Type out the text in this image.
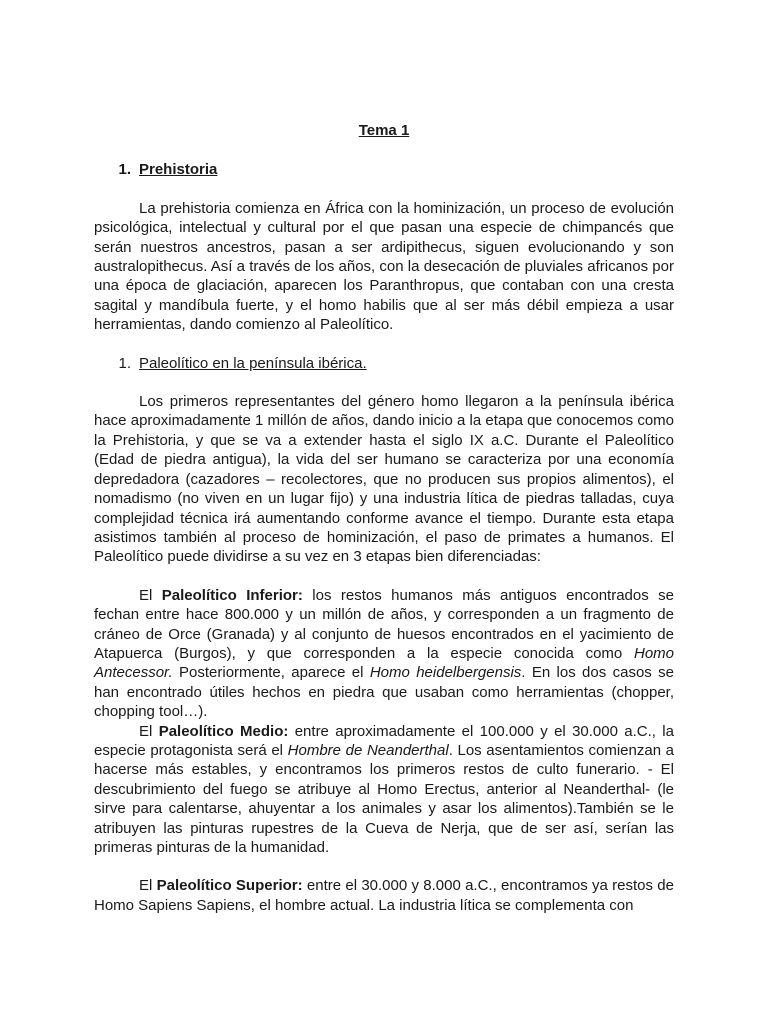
Tema 1
1. Prehistoria

La prehistoria comienza en África con la hominización, un proceso de evolución psicológica, intelectual y cultural por el que pasan una especie de chimpancés que serán nuestros ancestros, pasan a ser ardipithecus, siguen evolucionando y son australopithecus. Así a través de los años, con la desecación de pluviales africanos por una época de glaciación, aparecen los Paranthropus, que contaban con una cresta sagital y mandíbula fuerte, y el homo habilis que al ser más débil empieza a usar herramientas, dando comienzo al Paleolítico.

1. Paleolítico en la península ibérica.

Los primeros representantes del género homo llegaron a la península ibérica hace aproximadamente 1 millón de años, dando inicio a la etapa que conocemos como la Prehistoria, y que se va a extender hasta el siglo IX a.C. Durante el Paleolítico (Edad de piedra antigua), la vida del ser humano se caracteriza por una economía depredadora (cazadores – recolectores, que no producen sus propios alimentos), el nomadismo (no viven en un lugar fijo) y una industria lítica de piedras talladas, cuya complejidad técnica irá aumentando conforme avance el tiempo. Durante esta etapa asistimos también al proceso de hominización, el paso de primates a humanos. El Paleolítico puede dividirse a su vez en 3 etapas bien diferenciadas:

El Paleolítico Inferior: los restos humanos más antiguos encontrados se fechan entre hace 800.000 y un millón de años, y corresponden a un fragmento de cráneo de Orce (Granada) y al conjunto de huesos encontrados en el yacimiento de Atapuerca (Burgos), y que corresponden a la especie conocida como Homo Antecessor. Posteriormente, aparece el Homo heidelbergensis. En los dos casos se han encontrado útiles hechos en piedra que usaban como herramientas (chopper, chopping tool…).

El Paleolítico Medio: entre aproximadamente el 100.000 y el 30.000 a.C., la especie protagonista será el Hombre de Neanderthal. Los asentamientos comienzan a hacerse más estables, y encontramos los primeros restos de culto funerario. - El descubrimiento del fuego se atribuye al Homo Erectus, anterior al Neanderthal- (le sirve para calentarse, ahuyentar a los animales y asar los alimentos).También se le atribuyen las pinturas rupestres de la Cueva de Nerja, que de ser así, serían las primeras pinturas de la humanidad.

El Paleolítico Superior: entre el 30.000 y 8.000 a.C., encontramos ya restos de Homo Sapiens Sapiens, el hombre actual. La industria lítica se complementa con
